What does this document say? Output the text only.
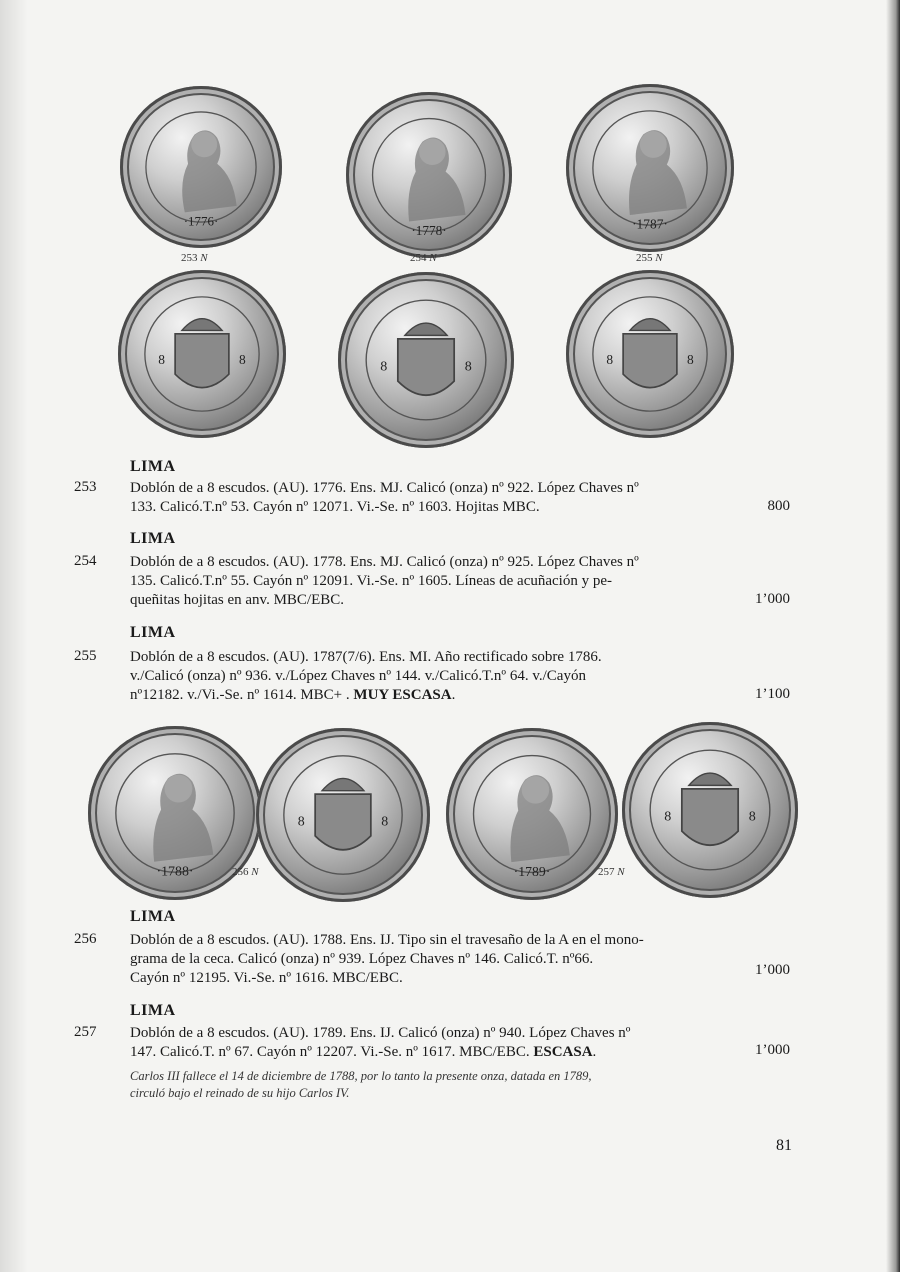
·1776·
·1778·	·1787·
253 N	254 N	255 N
8	8	8	8	8	8
LIMA
253 Doblón de a 8 escudos. (AU). 1776. Ens. MJ. Calicó (onza) nº 922. López Chaves nº
133. Calicó.T.nº 53. Cayón nº 12071. Vi.-Se. nº 1603. Hojitas MBC.	800
LIMA
254 Doblón de a 8 escudos. (AU). 1778. Ens. MJ. Calicó (onza) nº 925. López Chaves nº
135. Calicó.T.nº 55. Cayón nº 12091. Vi.-Se. nº 1605. Líneas de acuñación y pe-
queñitas hojitas en anv. MBC/EBC.	1’000
LIMA
255 Doblón de a 8 escudos. (AU). 1787(7/6). Ens. MI. Año rectificado sobre 1786.
v./Calicó (onza) nº 936. v./López Chaves nº 144. v./Calicó.T.nº 64. v./Cayón
nº12182. v./Vi.-Se. nº 1614. MBC+ . MUY ESCASA.	1’100
·1788·
8	8
256 N	·1789·
8	8
257 N
LIMA
256 Doblón de a 8 escudos. (AU). 1788. Ens. IJ. Tipo sin el travesaño de la A en el mono-
grama de la ceca. Calicó (onza) nº 939. López Chaves nº 146. Calicó.T. nº66.
Cayón nº 12195. Vi.-Se. nº 1616. MBC/EBC.	1’000
LIMA
257 Doblón de a 8 escudos. (AU). 1789. Ens. IJ. Calicó (onza) nº 940. López Chaves nº
147. Calicó.T. nº 67. Cayón nº 12207. Vi.-Se. nº 1617. MBC/EBC. ESCASA.	1’000
Carlos III fallece el 14 de diciembre de 1788, por lo tanto la presente onza, datada en 1789,
circuló bajo el reinado de su hijo Carlos IV.
81
